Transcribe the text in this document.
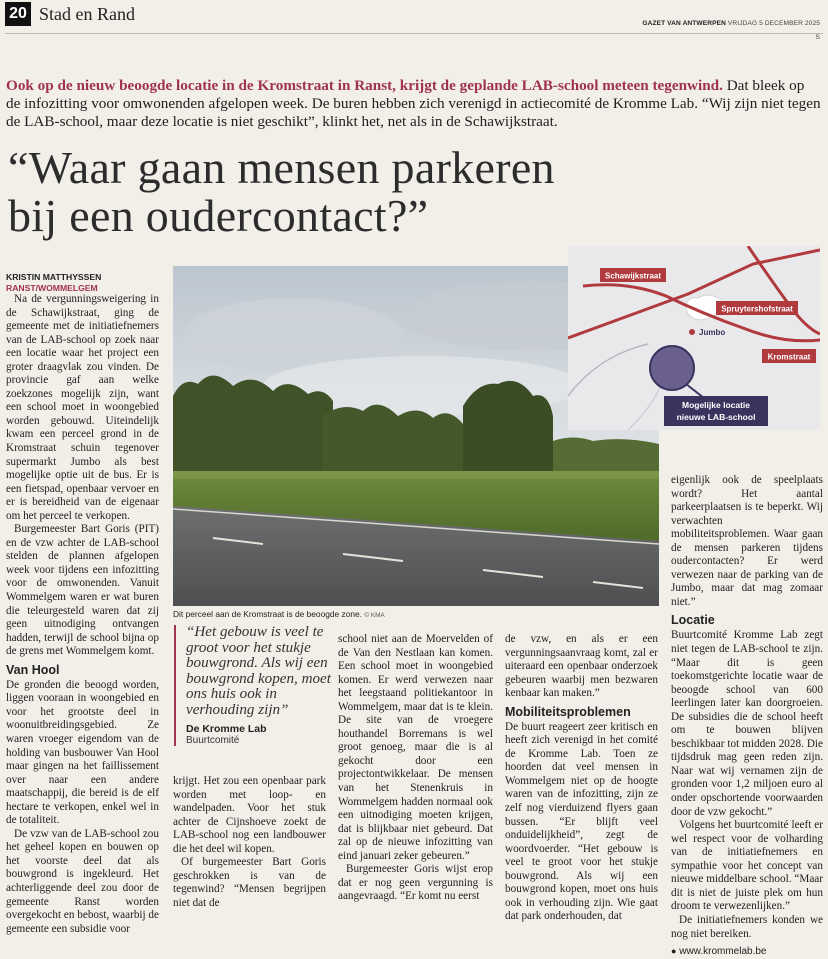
20 Stad en Rand	GAZET VAN ANTWERPEN VRIJDAG 5 DECEMBER 2025
S
Ook op de nieuw beoogde locatie in de Kromstraat in Ranst, krijgt de geplande LAB-school meteen tegenwind. Dat bleek op de infozitting voor omwonenden afgelopen week. De buren hebben zich verenigd in actiecomité de Kromme Lab. “Wij zijn niet tegen de LAB-school, maar deze locatie is niet geschikt”, klinkt het, net als in de Schawijkstraat.
“Waar gaan mensen parkeren
bij een oudercontact?”
KRISTIN MATTHYSSEN
RANST/WOMMELGEM

Na de vergunningsweigering in de Schawijkstraat, ging de gemeente met de initiatiefnemers van de LAB-school op zoek naar een locatie waar het project een groter draagvlak zou vinden. De provincie gaf aan welke zoekzones mogelijk zijn, want een school moet in woongebied worden gebouwd. Uiteindelijk kwam een perceel grond in de Kromstraat schuin tegenover supermarkt Jumbo als best mogelijke optie uit de bus. Er is een fietspad, openbaar vervoer en er is bereidheid van de eigenaar om het perceel te verkopen.

Burgemeester Bart Goris (PIT) en de vzw achter de LAB-school stelden de plannen afgelopen week voor tijdens een infozitting voor de omwonenden. Vanuit Wommelgem waren er wat buren die teleurgesteld waren dat zij geen uitnodiging ontvangen hadden, terwijl de school bijna op de grens met Wommelgem komt.

Van Hool

De gronden die beoogd worden, liggen vooraan in woongebied en voor het grootste deel in woonuitbreidingsgebied. Ze waren vroeger eigendom van de holding van busbouwer Van Hool maar gingen na het faillissement over naar een andere maatschappij, die bereid is de elf hectare te verkopen, enkel wel in de totaliteit.

De vzw van de LAB-school zou het geheel kopen en bouwen op het voorste deel dat als bouwgrond is ingekleurd. Het achterliggende deel zou door de gemeente Ranst worden overgekocht en bebost, waarbij de gemeente een subsidie voor

Dit perceel aan de Kromstraat is de beoogde zone. © KMA
Schawijkstraat
Spruytershofstraat
Jumbo
Kromstraat
Mogelijke locatie
nieuwe LAB-school
“Het gebouw is veel te groot voor het stukje bouwgrond. Als wij een bouwgrond kopen, moet ons huis ook in verhouding zijn”
De Kromme Lab
Buurtcomité

krijgt. Het zou een openbaar park worden met loop- en wandelpaden. Voor het stuk achter de Cijnshoeve zoekt de LAB-school nog een landbouwer die het deel wil kopen.

Of burgemeester Bart Goris geschrokken is van de tegenwind? “Mensen begrijpen niet dat de

school niet aan de Moervelden of de Van den Nestlaan kan komen. Een school moet in woongebied komen. Er werd verwezen naar het leegstaand politiekantoor in Wommelgem, maar dat is te klein. De site van de vroegere houthandel Borremans is wel groot genoeg, maar die is al gekocht door een projectontwikkelaar. De mensen van het Stenenkruis in Wommelgem hadden normaal ook een uitnodiging moeten krijgen, dat is blijkbaar niet gebeurd. Dat zal op de nieuwe infozitting van eind januari zeker gebeuren.”

Burgemeester Goris wijst erop dat er nog geen vergunning is aangevraagd. “Er komt nu eerst

de vzw, en als er een vergunningsaanvraag komt, zal er uiteraard een openbaar onderzoek gebeuren waarbij men bezwaren kenbaar kan maken.”

Mobiliteitsproblemen

De buurt reageert zeer kritisch en heeft zich verenigd in het comité de Kromme Lab. Toen ze hoorden dat veel mensen in Wommelgem niet op de hoogte waren van de infozitting, zijn ze zelf nog vierduizend flyers gaan bussen. “Er blijft veel onduidelijkheid”, zegt de woordvoerder. “Het gebouw is veel te groot voor het stukje bouwgrond. Als wij een bouwgrond kopen, moet ons huis ook in verhouding zijn. Wie gaat dat park onderhouden, dat

eigenlijk ook de speelplaats wordt? Het aantal parkeerplaatsen is te beperkt. Wij verwachten mobiliteitsproblemen. Waar gaan de mensen parkeren tijdens oudercontacten? Er werd verwezen naar de parking van de Jumbo, maar dat mag zomaar niet.”

Locatie

Buurtcomité Kromme Lab zegt niet tegen de LAB-school te zijn. “Maar dit is geen toekomstgerichte locatie waar de beoogde school van 600 leerlingen later kan doorgroeien. De subsidies die de school heeft om te bouwen blijven beschikbaar tot midden 2028. Die tijdsdruk mag geen reden zijn. Naar wat wij vernamen zijn de gronden voor 1,2 miljoen euro al onder opschortende voorwaarden door de vzw gekocht.”

Volgens het buurtcomité leeft er wel respect voor de volharding van de initiatiefnemers en sympathie voor het concept van nieuwe middelbare school. “Maar dit is niet de juiste plek om hun droom te verwezenlijken.”

De initiatiefnemers konden we nog niet bereiken.

● www.krommelab.be
